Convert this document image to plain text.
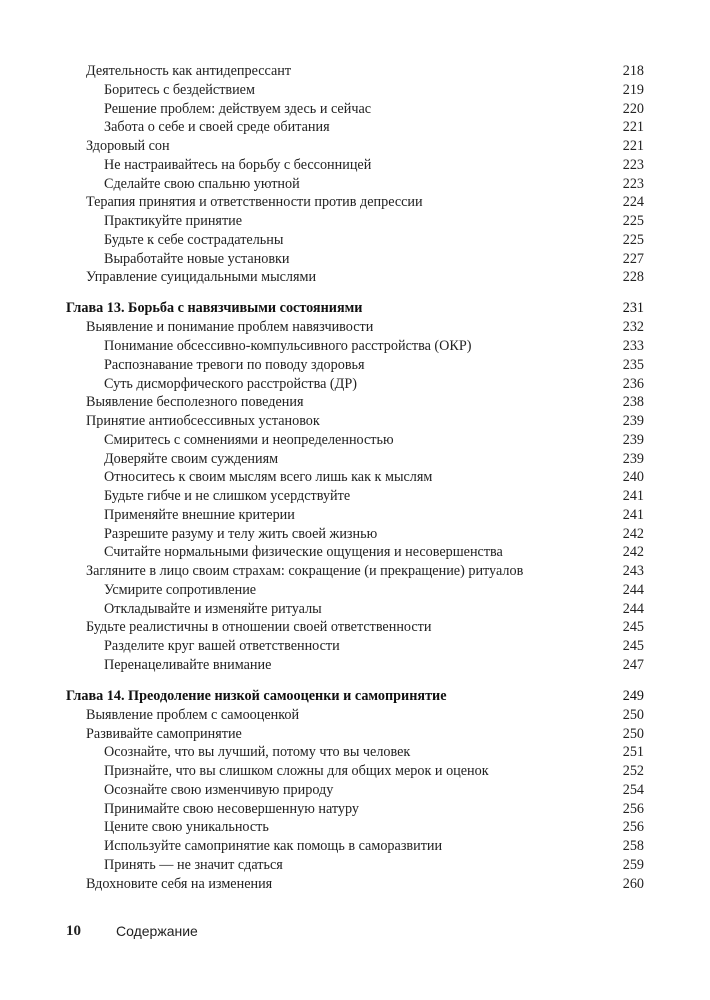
Деятельность как антидепрессант	218
Боритесь с бездействием	219
Решение проблем: действуем здесь и сейчас	220
Забота о себе и своей среде обитания	221
Здоровый сон	221
Не настраивайтесь на борьбу с бессонницей	223
Сделайте свою спальню уютной	223
Терапия принятия и ответственности против депрессии	224
Практикуйте принятие	225
Будьте к себе сострадательны	225
Выработайте новые установки	227
Управление суицидальными мыслями	228
Глава 13. Борьба с навязчивыми состояниями	231
Выявление и понимание проблем навязчивости	232
Понимание обсессивно-компульсивного расстройства (ОКР)	233
Распознавание тревоги по поводу здоровья	235
Суть дисморфического расстройства (ДР)	236
Выявление бесполезного поведения	238
Принятие антиобсессивных установок	239
Смиритесь с сомнениями и неопределенностью	239
Доверяйте своим суждениям	239
Относитесь к своим мыслям всего лишь как к мыслям	240
Будьте гибче и не слишком усердствуйте	241
Применяйте внешние критерии	241
Разрешите разуму и телу жить своей жизнью	242
Считайте нормальными физические ощущения и несовершенства	242
Загляните в лицо своим страхам: сокращение (и прекращение) ритуалов	243
Усмирите сопротивление	244
Откладывайте и изменяйте ритуалы	244
Будьте реалистичны в отношении своей ответственности	245
Разделите круг вашей ответственности	245
Перенацеливайте внимание	247
Глава 14. Преодоление низкой самооценки и самопринятие	249
Выявление проблем с самооценкой	250
Развивайте самопринятие	250
Осознайте, что вы лучший, потому что вы человек	251
Признайте, что вы слишком сложны для общих мерок и оценок	252
Осознайте свою изменчивую природу	254
Принимайте свою несовершенную натуру	256
Цените свою уникальность	256
Используйте самопринятие как помощь в саморазвитии	258
Принять — не значит сдаться	259
Вдохновите себя на изменения	260
10	Содержание
